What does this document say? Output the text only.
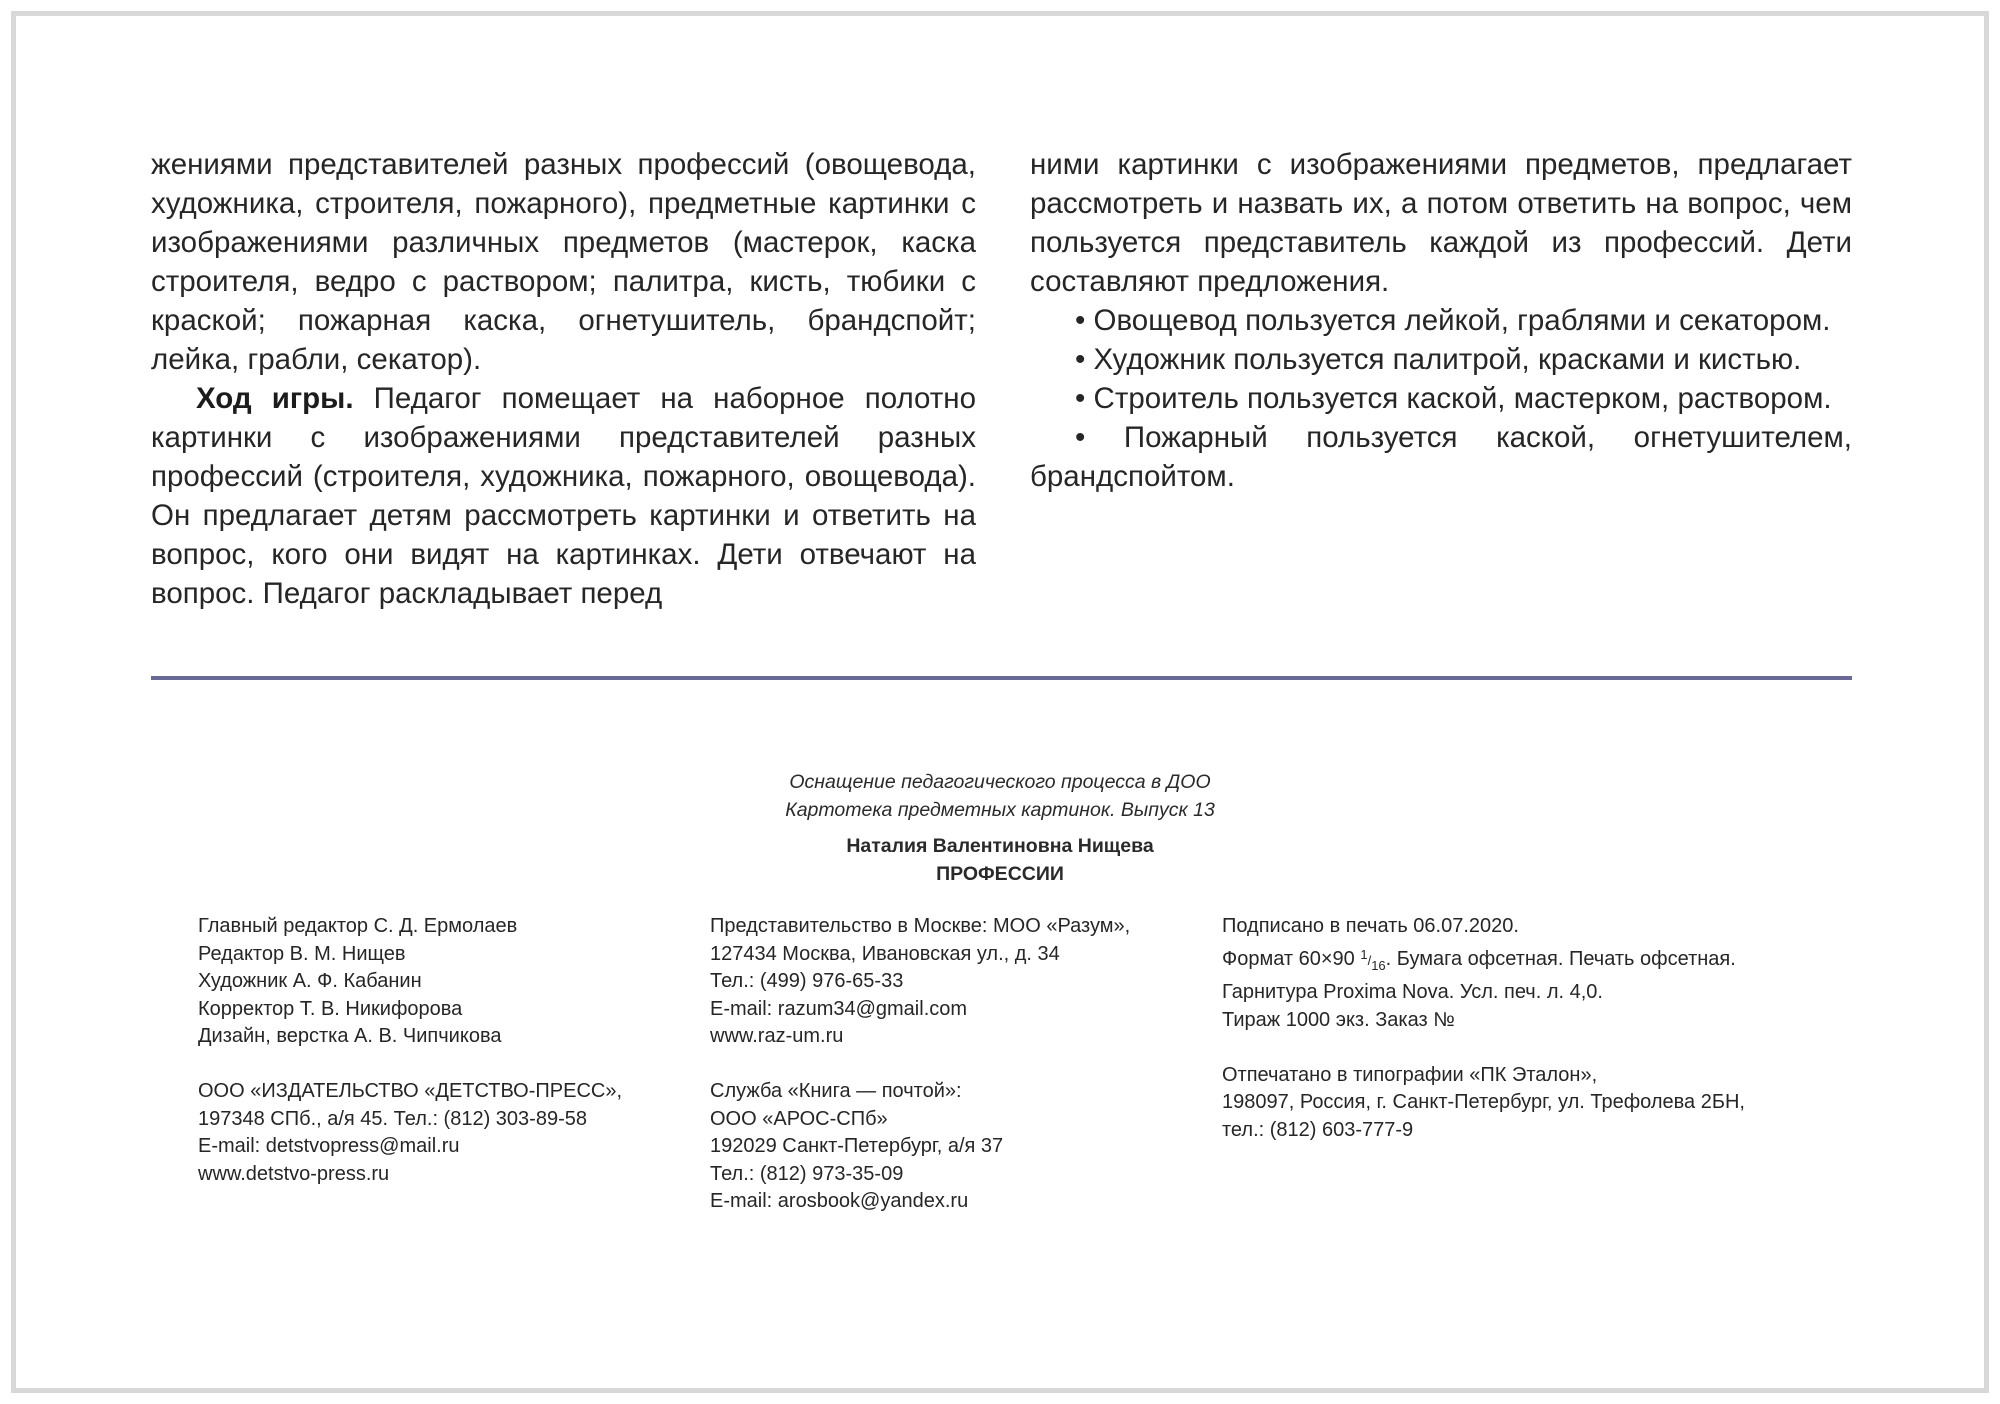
жениями представителей разных профессий (овощевода, художника, строителя, пожарного), предметные картинки с изображениями различных предметов (мастерок, каска строителя, ведро с раствором; палитра, кисть, тюбики с краской; пожарная каска, огнетушитель, брандспойт; лейка, грабли, секатор).

Ход игры. Педагог помещает на наборное полотно картинки с изображениями представителей разных профессий (строителя, художника, пожарного, овощевода). Он предлагает детям рассмотреть картинки и ответить на вопрос, кого они видят на картинках. Дети отвечают на вопрос. Педагог раскладывает перед

ними картинки с изображениями предметов, предлагает рассмотреть и назвать их, а потом ответить на вопрос, чем пользуется представитель каждой из профессий. Дети составляют предложения.

• Овощевод пользуется лейкой, граблями и секатором.

• Художник пользуется палитрой, красками и кистью.

• Строитель пользуется каской, мастерком, раствором.

• Пожарный пользуется каской, огнетушителем, брандспойтом.

Оснащение педагогического процесса в ДОО
Картотека предметных картинок. Выпуск 13
Наталия Валентиновна Нищева
ПРОФЕССИИ
Главный редактор С. Д. Ермолаев
Редактор В. М. Нищев
Художник А. Ф. Кабанин
Корректор Т. В. Никифорова
Дизайн, верстка А. В. Чипчикова
ООО «ИЗДАТЕЛЬСТВО «ДЕТСТВО-ПРЕСС»,
197348 СПб., а/я 45. Тел.: (812) 303-89-58
E-mail: detstvopress@mail.ru
www.detstvo-press.ru
Представительство в Москве: МОО «Разум»,
127434 Москва, Ивановская ул., д. 34
Тел.: (499) 976-65-33
E-mail: razum34@gmail.com
www.raz-um.ru
Служба «Книга — почтой»:
ООО «АРОС-СПб»
192029 Санкт-Петербург, а/я 37
Тел.: (812) 973-35-09
E-mail: arosbook@yandex.ru
Подписано в печать 06.07.2020.
Формат 60×90 1/16. Бумага офсетная. Печать офсетная.
Гарнитура Proxima Nova. Усл. печ. л. 4,0.
Тираж 1000 экз. Заказ №
Отпечатано в типографии «ПК Эталон»,
198097, Россия, г. Санкт-Петербург, ул. Трефолева 2БН,
тел.: (812) 603-777-9
